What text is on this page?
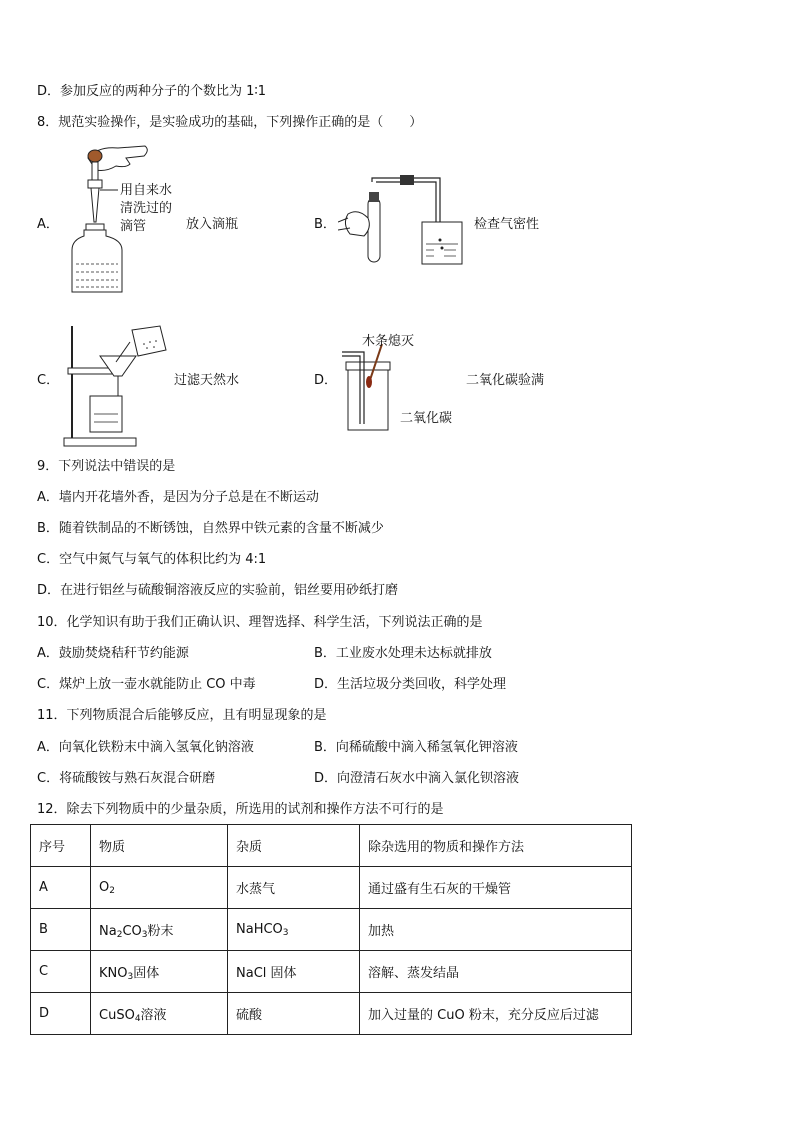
D．参加反应的两种分子的个数比为 1∶1
8．规范实验操作，是实验成功的基础，下列操作正确的是（　　）
A．
用自来水
清洗过的
滴管	放入滴瓶	B．	检查气密性
C．	过滤天然水	D．
木条熄灭
二氧化碳
二氧化碳验满
9．下列说法中错误的是
A．墙内开花墙外香，是因为分子总是在不断运动
B．随着铁制品的不断锈蚀，自然界中铁元素的含量不断减少
C．空气中氮气与氧气的体积比约为 4:1
D．在进行铝丝与硫酸铜溶液反应的实验前，铝丝要用砂纸打磨
10．化学知识有助于我们正确认识、理智选择、科学生活，下列说法正确的是
A．鼓励焚烧秸秆节约能源	B．工业废水处理未达标就排放
C．煤炉上放一壶水就能防止 CO 中毒	D．生活垃圾分类回收，科学处理
11．下列物质混合后能够反应，且有明显现象的是
A．向氧化铁粉末中滴入氢氧化钠溶液	B．向稀硫酸中滴入稀氢氧化钾溶液
C．将硫酸铵与熟石灰混合研磨	D．向澄清石灰水中滴入氯化钡溶液
12．除去下列物质中的少量杂质，所选用的试剂和操作方法不可行的是
序号	物质	杂质	除杂选用的物质和操作方法
A	$O_2$	水蒸气	通过盛有生石灰的干燥管
B	$Na_2CO_3$粉末	NaHCO$_3$	加热
C	$KNO_3$固体	NaCl 固体	溶解、蒸发结晶
D	CuSO$_4$溶液	硫酸	加入过量的 CuO 粉末，充分反应后过滤
